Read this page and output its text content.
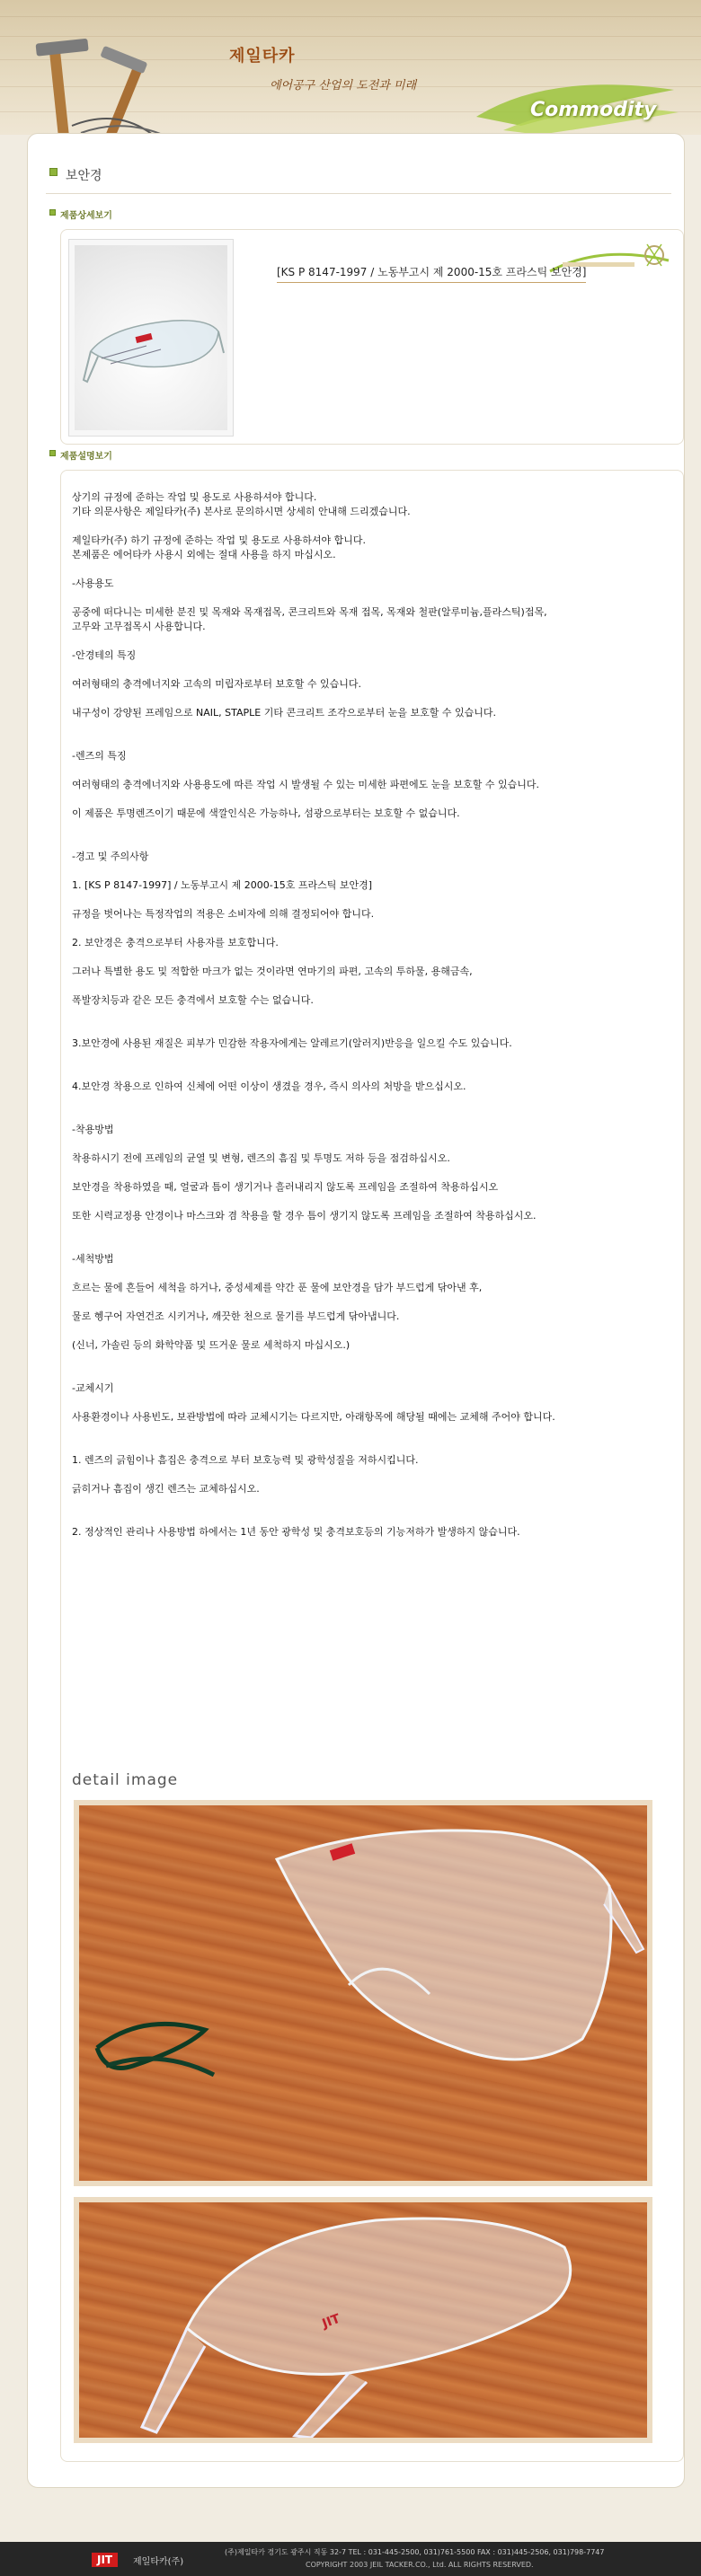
제일타카
에어공구 산업의 도전과 미래
Commodity
보안경
제품상세보기
[KS P 8147-1997 / 노동부고시 제 2000-15호 프라스틱 보안경]
제품설명보기

상기의 규정에 준하는 작업 및 용도로 사용하셔야 합니다.

기타 의문사항은 제일타카(주) 본사로 문의하시면 상세히 안내해 드리겠습니다.

제일타카(주) 하기 규정에 준하는 작업 및 용도로 사용하셔야 합니다.

본제품은 에어타카 사용시 외에는 절대 사용을 하지 마십시오.

-사용용도

공중에 떠다니는 미세한 분진 및 목재와 목재접목, 콘크리트와 목재 접목, 목재와 철판(알루미늄,플라스틱)접목,

고무와 고무접목시 사용합니다.

-안경테의 특징

여러형태의 충격에너지와 고속의 미립자로부터 보호할 수 있습니다.

내구성이 강양된 프레임으로 NAIL, STAPLE 기타 콘크리트 조각으로부터 눈을 보호할 수 있습니다.

-렌즈의 특징

여러형태의 충격에너지와 사용용도에 따른 작업 시 발생될 수 있는 미세한 파편에도 눈을 보호할 수 있습니다.

이 제품은 투명렌즈이기 때문에 색깔인식은 가능하나, 섬광으로부터는 보호할 수 없습니다.

-경고 및 주의사항

1. [KS P 8147-1997] / 노동부고시 제 2000-15호 프라스틱 보안경]

규정을 벗어나는 특정작업의 적용은 소비자에 의해 결정되어야 합니다.

2. 보안경은 충격으로부터 사용자를 보호합니다.

그러나 특별한 용도 및 적합한 마크가 없는 것이라면 연마기의 파편, 고속의 투하물, 용해금속,

폭발장치등과 같은 모든 충격에서 보호할 수는 없습니다.

3.보안경에 사용된 재질은 피부가 민감한 작용자에게는 알레르기(알러지)반응을 일으킬 수도 있습니다.

4.보안경 착용으로 인하여 신체에 어떤 이상이 생겼을 경우, 즉시 의사의 처방을 받으십시오.

-착용방법

착용하시기 전에 프레임의 균열 및 변형, 렌즈의 흠집 및 투명도 저하 등을 점검하십시오.

보안경을 착용하였을 때, 얼굴과 틈이 생기거나 흘러내리지 않도록 프레임을 조절하여 착용하십시오

또한 시력교정용 안경이나 마스크와 겸 착용을 할 경우 틈이 생기지 않도록 프레임을 조절하여 착용하십시오.

-세척방법

흐르는 물에 흔들어 세척을 하거나, 중성세제를 약간 푼 물에 보안경을 담가 부드럽게 닦아낸 후,

물로 헹구어 자연건조 시키거나, 깨끗한 천으로 물기를 부드럽게 닦아냅니다.

(신너, 가솔린 등의 화학약품 및 뜨거운 물로 세척하지 마십시오.)

-교체시기

사용환경이나 사용빈도, 보관방법에 따라 교체시기는 다르지만, 아래항목에 해당될 때에는 교체해 주어야 합니다.

1. 렌즈의 긁힘이나 흠집은 충격으로 부터 보호능력 및 광학성질을 저하시킵니다.

긁히거나 흠집이 생긴 렌즈는 교체하십시오.

2. 정상적인 관리나 사용방법 하에서는 1년 동안 광학성 및 충격보호등의 기능저하가 발생하지 않습니다.

detail image
JIT
JIT	제일타카(주)
(주)제일타카 경기도 광주시 직동 32-7 TEL : 031-445-2500, 031)761-5500 FAX : 031)445-2506, 031)798-7747
COPYRIGHT 2003 JEIL TACKER.CO., Ltd. ALL RIGHTS RESERVED.
